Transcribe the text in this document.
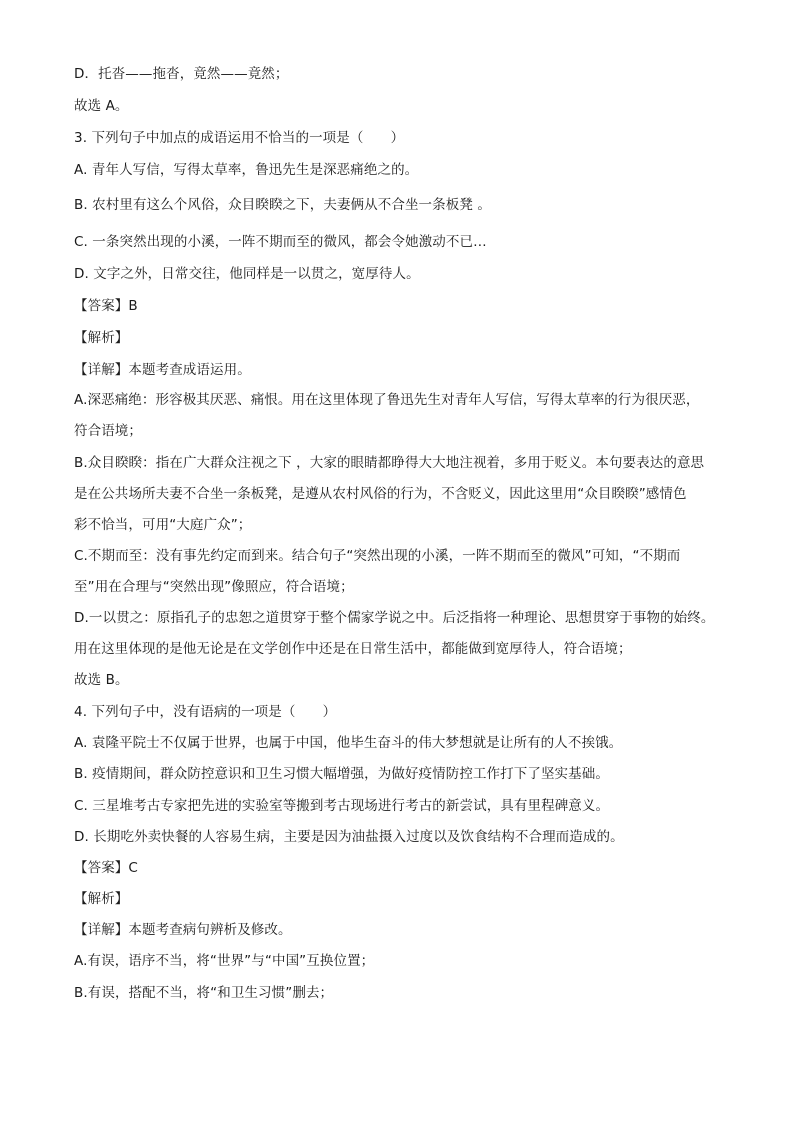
D．托沓——拖沓，竟然——竟然；
故选 A。
3. 下列句子中加点的成语运用不恰当的一项是（　　）
A. 青年人写信，写得太草率，鲁迅先生是深恶痛绝之的。
B. 农村里有这么个风俗，众目睽睽之下，夫妻俩从不合坐一条板凳 。
C. 一条突然出现的小溪，一阵不期而至的微风，都会令她激动不已…
D. 文字之外，日常交往，他同样是一以贯之，宽厚待人。
【答案】B
【解析】
【详解】本题考查成语运用。
A.深恶痛绝：形容极其厌恶、痛恨。用在这里体现了鲁迅先生对青年人写信，写得太草率的行为很厌恶，
符合语境；
B.众目睽睽：指在广大群众注视之下 ，大家的眼睛都睁得大大地注视着，多用于贬义。本句要表达的意思
是在公共场所夫妻不合坐一条板凳，是遵从农村风俗的行为，不含贬义，因此这里用“众目睽睽”感情色
彩不恰当，可用“大庭广众”；
C.不期而至：没有事先约定而到来。结合句子“突然出现的小溪，一阵不期而至的微风”可知，“不期而
至”用在合理与“突然出现”像照应，符合语境；
D.一以贯之：原指孔子的忠恕之道贯穿于整个儒家学说之中。后泛指将一种理论、思想贯穿于事物的始终。
用在这里体现的是他无论是在文学创作中还是在日常生活中，都能做到宽厚待人，符合语境；
故选 B。
4. 下列句子中，没有语病的一项是（　　）
A. 袁隆平院士不仅属于世界，也属于中国，他毕生奋斗的伟大梦想就是让所有的人不挨饿。
B. 疫情期间，群众防控意识和卫生习惯大幅增强，为做好疫情防控工作打下了坚实基础。
C. 三星堆考古专家把先进的实验室等搬到考古现场进行考古的新尝试，具有里程碑意义。
D. 长期吃外卖快餐的人容易生病，主要是因为油盐摄入过度以及饮食结构不合理而造成的。
【答案】C
【解析】
【详解】本题考查病句辨析及修改。
A.有误，语序不当，将“世界”与“中国”互换位置；
B.有误，搭配不当，将“和卫生习惯”删去；
